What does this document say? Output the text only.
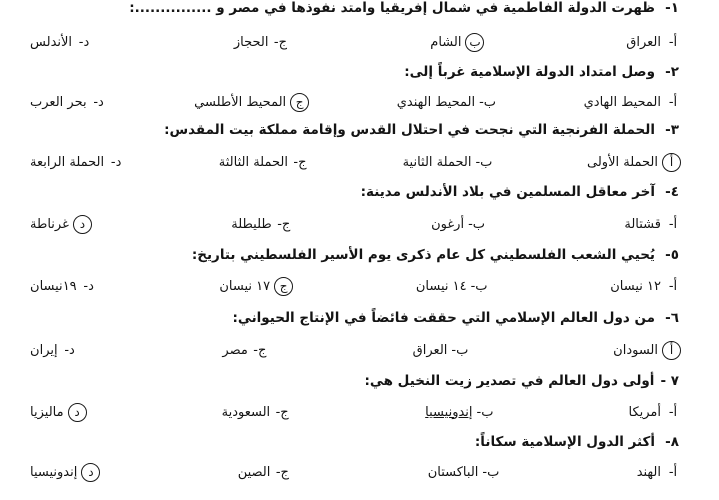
١-
ظهرت الدولة الفاطمية في شمال إفريقيا وامتد نفوذها في مصر و ...............:
أ-
العراق
ب
الشام
ج-
الحجاز
د-
الأندلس
٢-
وصل امتداد الدولة الإسلامية غرباً إلى:
أ-
المحيط الهادي
ب-
المحيط الهندي
ج
المحيط الأطلسي
د-
بحر العرب
٣-
الحملة الفرنجية التي نجحت في احتلال القدس وإقامة مملكة بيت المقدس:
أ
الحملة الأولى
ب-
الحملة الثانية
ج-
الحملة الثالثة
د-
الحملة الرابعة
٤-
آخر معاقل المسلمين في بلاد الأندلس مدينة:
أ-
قشتالة
ب-
أرغون
ج-
طليطلة
د
غرناطة
٥-
يُحيي الشعب الفلسطيني كل عام ذكرى يوم الأسير الفلسطيني بتاريخ:
أ-
١٢ نيسان
ب-
١٤ نيسان
ج
١٧ نيسان
د-
١٩نيسان
٦-
من دول العالم الإسلامي التي حققت فائضاً في الإنتاج الحيواني:
أ
السودان
ب-
العراق
ج-
مصر
د-
إيران
٧ -
أولى دول العالم في تصدير زيت النخيل هي:
أ-
أمريكا
ب-
إندونيسيا
ج-
السعودية
د
ماليزيا
٨-
أكثر الدول الإسلامية سكاناً:
أ-
الهند
ب-
الباكستان
ج-
الصين
د
إندونيسيا
